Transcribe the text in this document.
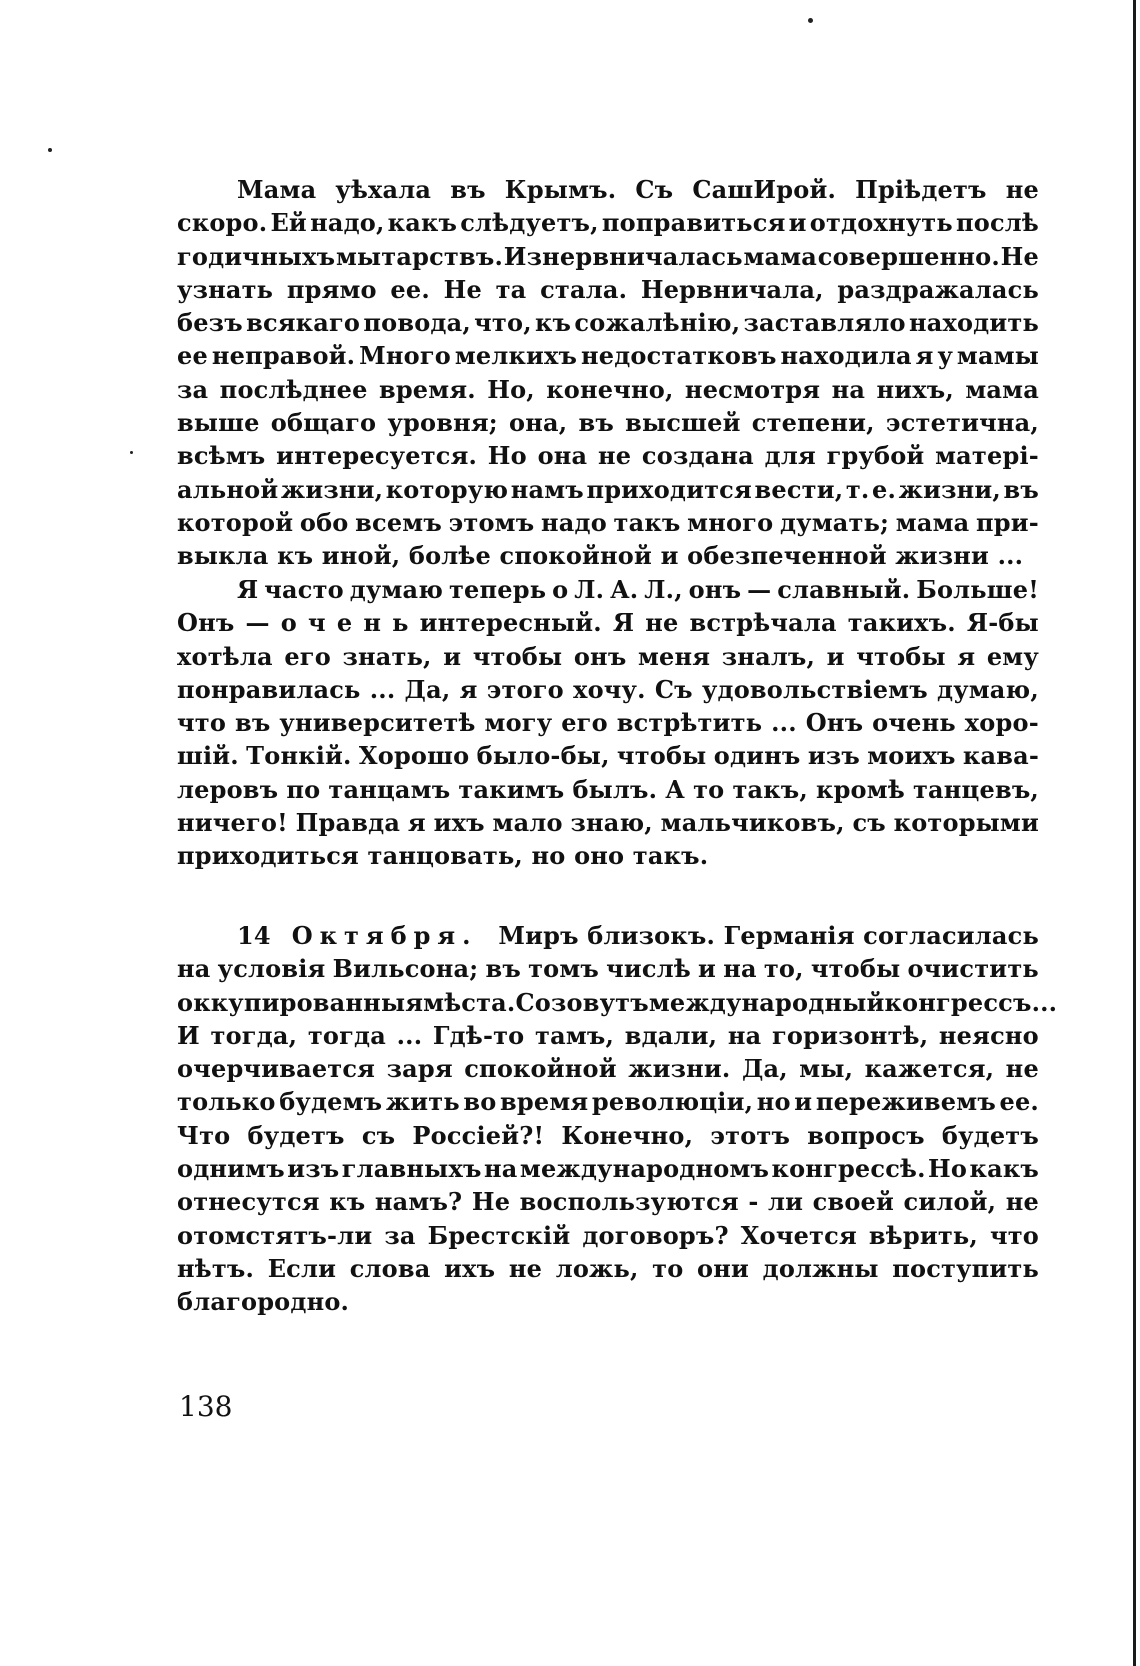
Мама уѣхала въ Крымъ. Съ СашИрой. Прiѣдетъ не
скоро. Ей надо, какъ слѣдуетъ, поправиться и отдохнуть послѣ
годичныхъ мытарствъ. Изнервничалась мама совершенно. Не
узнать прямо ее. Не та стала. Нервничала, раздражалась
безъ всякаго повода, что, къ сожалѣнiю, заставляло находить
ее неправой. Много мелкихъ недостатковъ находила я у мамы
за послѣднее время. Но, конечно, несмотря на нихъ, мама
выше общаго уровня; она, въ высшей степени, эстетична,
всѣмъ интересуется. Но она не создана для грубой матерi-
альной жизни, которую намъ приходится вести, т. е. жизни, въ
которой обо всемъ этомъ надо такъ много думать; мама при-
выкла къ иной, болѣе спокойной и обезпеченной жизни ...
Я часто думаю теперь о Л. А. Л., онъ — славный. Больше!
Онъ — о ч е н ь интересный. Я не встрѣчала такихъ. Я-бы
хотѣла его знать, и чтобы онъ меня зналъ, и чтобы я ему
понравилась ... Да, я этого хочу. Съ удовольствiемъ думаю,
что въ университетѣ могу его встрѣтить ... Онъ очень хоро-
шiй. Тонкiй. Хорошо было-бы, чтобы одинъ изъ моихъ кава-
леровъ по танцамъ такимъ былъ. А то такъ, кромѣ танцевъ,
ничего! Правда я ихъ мало знаю, мальчиковъ, съ которыми
приходиться танцовать, но оно такъ.
14 Октября. Миръ близокъ. Германiя согласилась
на условiя Вильсона; въ томъ числѣ и на то, чтобы очистить
оккупированныя мѣста. Созовутъ международный конгрессъ...
И тогда, тогда ... Гдѣ-то тамъ, вдали, на горизонтѣ, неясно
очерчивается заря спокойной жизни. Да, мы, кажется, не
только будемъ жить во время революцiи, но и переживемъ ее.
Что будетъ съ Россiей?! Конечно, этотъ вопросъ будетъ
однимъ изъ главныхъ на международномъ конгрессѣ. Но какъ
отнесутся къ намъ? Не воспользуются - ли своей силой, не
отомстятъ-ли за Брестскiй договоръ? Хочется вѣрить, что
нѣтъ. Если слова ихъ не ложь, то они должны поступить
благородно.
138
